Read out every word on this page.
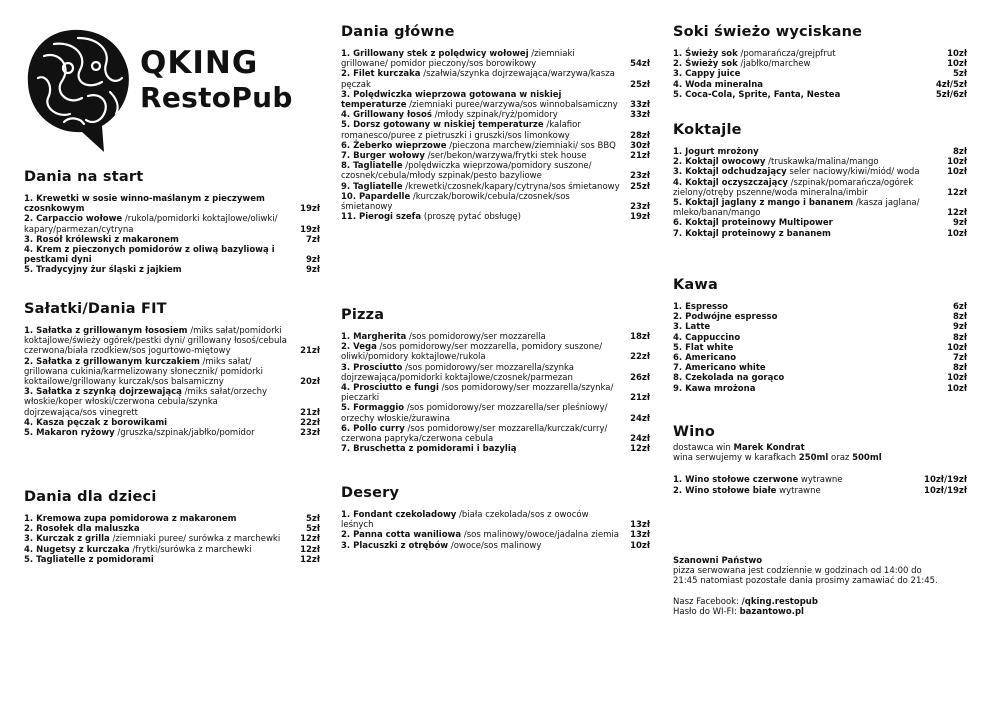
QKING
RestoPub
Dania na start
1. Krewetki w sosie winno-maślanym z pieczywem czosnkowym	19zł
2. Carpaccio wołowe /rukola/pomidorki koktajlowe/oliwki/ kapary/parmezan/cytryna	19zł
3. Rosół królewski z makaronem	7zł
4. Krem z pieczonych pomidorów z oliwą bazyliową i pestkami dyni	9zł
5. Tradycyjny żur śląski z jajkiem	9zł
Sałatki/Dania FIT
1. Sałatka z grillowanym łososiem /miks sałat/pomidorki koktajlowe/świeży ogórek/pestki dyni/ grillowany łosoś/cebula czerwona/biała rzodkiew/sos jogurtowo-miętowy	21zł
2. Sałatka z grillowanym kurczakiem /miks sałat/ grillowana cukinia/karmelizowany słonecznik/ pomidorki koktailowe/grillowany kurczak/sos balsamiczny	20zł
3. Sałatka z szynką dojrzewającą /miks sałat/orzechy włoskie/koper włoski/czerwona cebula/szynka dojrzewająca/sos vinegrett	21zł
4. Kasza pęczak z borowikami	22zł
5. Makaron ryżowy /gruszka/szpinak/jabłko/pomidor	23zł
Dania dla dzieci
1. Kremowa zupa pomidorowa z makaronem	5zł
2. Rosołek dla maluszka	5zł
3. Kurczak z grilla /ziemniaki puree/ surówka z marchewki 12zł
4. Nugetsy z kurczaka /frytki/surówka z marchewki	12zł
5. Tagliatelle z pomidorami	12zł
Dania główne
1. Grillowany stek z polędwicy wołowej /ziemniaki grillowane/ pomidor pieczony/sos borowikowy	54zł
2. Filet kurczaka /szałwia/szynka dojrzewająca/warzywa/kasza pęczak	25zł
3. Polędwiczka wieprzowa gotowana w niskiej temperaturze /ziemniaki puree/warzywa/sos winnobalsamiczny 33zł
4. Grillowany łosoś /młody szpinak/ryż/pomidory	33zł
5. Dorsz gotowany w niskiej temperaturze /kalafior romanesco/puree z pietruszki i gruszki/sos limonkowy	28zł
6. Żeberko wieprzowe /pieczona marchew/ziemniaki/ sos BBQ 30zł
7. Burger wołowy /ser/bekon/warzywa/frytki stek house	21zł
8. Tagliatelle /polędwiczka wieprzowa/pomidory suszone/ czosnek/cebula/młody szpinak/pesto bazyliowe	23zł
9. Tagliatelle /krewetki/czosnek/kapary/cytryna/sos śmietanowy 25zł
10. Papardelle /kurczak/borowik/cebula/czosnek/sos śmietanowy	23zł
11. Pierogi szefa (proszę pytać obsługę)	19zł
Pizza
1. Margherita /sos pomidorowy/ser mozzarella	18zł
2. Vega /sos pomidorowy/ser mozzarella, pomidory suszone/ oliwki/pomidory koktajlowe/rukola	22zł
3. Prosciutto /sos pomidorowy/ser mozzarella/szynka dojrzewająca/pomidorki koktajlowe/czosnek/parmezan	26zł
4. Prosciutto e fungi /sos pomidorowy/ser mozzarella/szynka/ pieczarki	21zł
5. Formaggio /sos pomidorowy/ser mozzarella/ser pleśniowy/ orzechy włoskie/żurawina	24zł
6. Pollo curry /sos pomidorowy/ser mozzarella/kurczak/curry/ czerwona papryka/czerwona cebula	24zł
7. Bruschetta z pomidorami i bazylią	12zł
Desery
1. Fondant czekoladowy /biała czekolada/sos z owoców leśnych	13zł
2. Panna cotta waniliowa /sos malinowy/owoce/jadalna ziemia 13zł
3. Placuszki z otrębów /owoce/sos malinowy	10zł
Soki świeżo wyciskane
1. Świeży sok /pomarańcza/grejpfrut	10zł
2. Świeży sok /jabłko/marchew	10zł
3. Cappy juice	5zł
4. Woda mineralna	4zł/5zł
5. Coca-Cola, Sprite, Fanta, Nestea	5zł/6zł
Koktajle
1. Jogurt mrożony	8zł
2. Koktajl owocowy /truskawka/malina/mango	10zł
3. Koktajl odchudzający seler naciowy/kiwi/miód/ woda	10zł
4. Koktajl oczyszczający /szpinak/pomarańcza/ogórek zielony/otręby pszenne/woda mineralna/imbir	12zł
5. Koktajl jaglany z mango i bananem /kasza jaglana/ mleko/banan/mango	12zł
6. Koktajl proteinowy Multipower	9zł
7. Koktajl proteinowy z bananem	10zł
Kawa
1. Espresso	6zł
2. Podwójne espresso	8zł
3. Latte	9zł
4. Cappuccino	8zł
5. Flat white	10zł
6. Americano	7zł
7. Americano white	8zł
8. Czekolada na gorąco	10zł
9. Kawa mrożona	10zł
Wino
dostawca win Marek Kondrat
wina serwujemy w karafkach 250ml oraz 500ml
1. Wino stołowe czerwone wytrawne	10zł/19zł
2. Wino stołowe białe wytrawne	10zł/19zł
Szanowni Państwo
pizza serwowana jest codziennie w godzinach od 14:00 do
21:45 natomiast pozostałe dania prosimy zamawiać do 21:45.
Nasz Facebook: /qking.restopub
Hasło do WI-FI: bazantowo.pl
